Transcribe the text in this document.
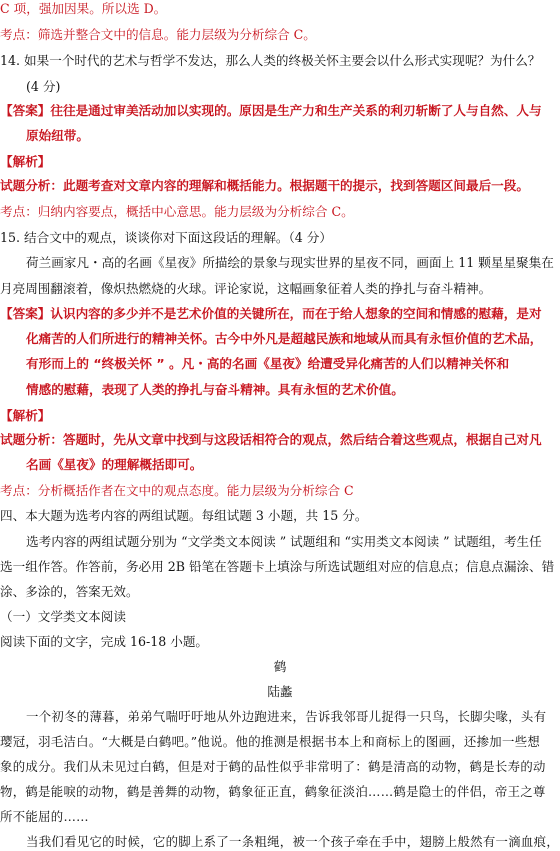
C 项，强加因果。所以选 D。
考点：筛选并整合文中的信息。能力层级为分析综合 C。
14. 如果一个时代的艺术与哲学不发达，那么人类的终极关怀主要会以什么形式实现呢？为什么？
(4 分)
【答案】往往是通过审美活动加以实现的。原因是生产力和生产关系的利刃斩断了人与自然、人与
原始纽带。
【解析】
试题分析：此题考查对文章内容的理解和概括能力。根据题干的提示，找到答题区间最后一段。
考点：归纳内容要点，概括中心意思。能力层级为分析综合 C。
15. 结合文中的观点，谈谈你对下面这段话的理解。（4 分）
荷兰画家凡・高的名画《星夜》所描绘的景象与现实世界的星夜不同，画面上 11 颗星星聚集在
月亮周围翻滚着，像炽热燃烧的火球。评论家说，这幅画象征着人类的挣扎与奋斗精神。
【答案】认识内容的多少并不是艺术价值的关键所在，而在于给人想象的空间和情感的慰藉，是对
化痛苦的人们所进行的精神关怀。古今中外凡是超越民族和地域从而具有永恒价值的艺术品，
有形而上的 “终极关怀 ” 。凡・高的名画《星夜》给遭受异化痛苦的人们以精神关怀和
情感的慰藉，表现了人类的挣扎与奋斗精神。具有永恒的艺术价值。
【解析】
试题分析：答题时，先从文章中找到与这段话相符合的观点，然后结合着这些观点，根据自己对凡
名画《星夜》的理解概括即可。
考点：分析概括作者在文中的观点态度。能力层级为分析综合 C
四、本大题为选考内容的两组试题。每组试题 3 小题，共 15 分。
选考内容的两组试题分别为 “文学类文本阅读 ” 试题组和 “实用类文本阅读 ” 试题组，考生任
选一组作答。作答前，务必用 2B 铅笔在答题卡上填涂与所选试题组对应的信息点；信息点漏涂、错
涂、多涂的，答案无效。
（一）文学类文本阅读
阅读下面的文字，完成 16-18 小题。
鹤
陆蠡
一个初冬的薄暮，弟弟气喘吁吁地从外边跑进来，告诉我邻哥儿捉得一只鸟，长脚尖喙，头有
璎冠，羽毛洁白。“大概是白鹤吧。”他说。他的推测是根据书本上和商标上的图画，还掺加一些想
象的成分。我们从未见过白鹤，但是对于鹤的品性似乎非常明了：鹤是清高的动物，鹤是长寿的动
物，鹤是能唳的动物，鹤是善舞的动物，鹤象征正直，鹤象征淡泊……鹤是隐士的伴侣，帝王之尊
所不能屈的……
当我们看见它的时候，它的脚上系了一条粗绳，被一个孩子牵在手中，翅膀上般然有一滴血痕，
